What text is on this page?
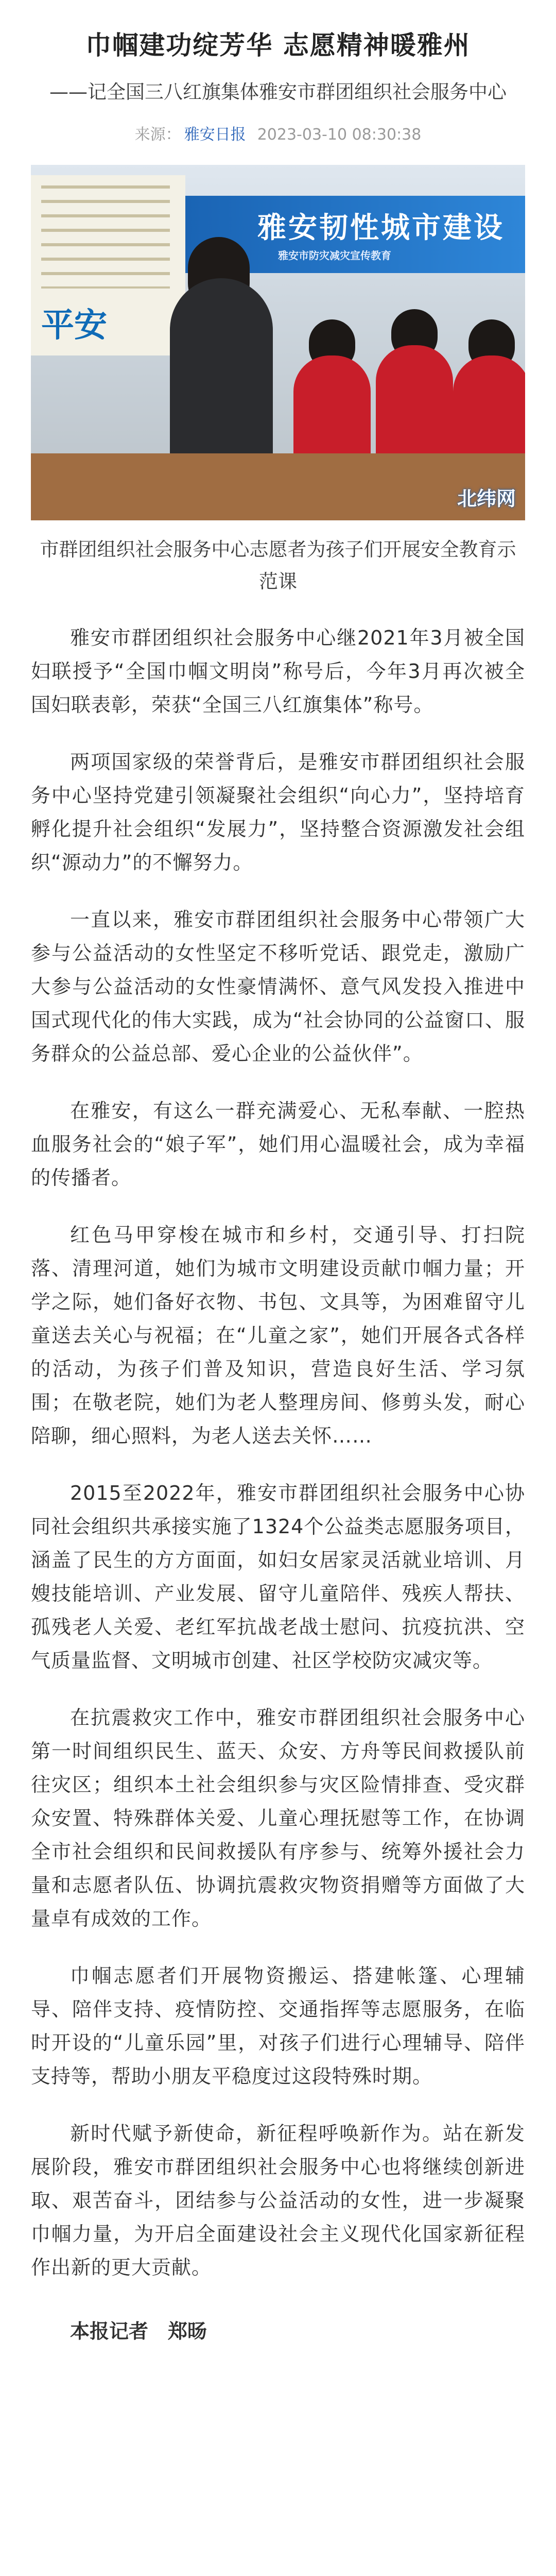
巾帼建功绽芳华 志愿精神暖雅州
——记全国三八红旗集体雅安市群团组织社会服务中心
来源： 雅安日报 2023-03-10 08:30:38
平安
雅安韧性城市建设
雅安市防灾减灾宣传教育
北纬网
市群团组织社会服务中心志愿者为孩子们开展安全教育示范课

雅安市群团组织社会服务中心继2021年3月被全国妇联授予“全国巾帼文明岗”称号后，今年3月再次被全国妇联表彰，荣获“全国三八红旗集体”称号。

两项国家级的荣誉背后，是雅安市群团组织社会服务中心坚持党建引领凝聚社会组织“向心力”，坚持培育孵化提升社会组织“发展力”，坚持整合资源激发社会组织“源动力”的不懈努力。

一直以来，雅安市群团组织社会服务中心带领广大参与公益活动的女性坚定不移听党话、跟党走，激励广大参与公益活动的女性豪情满怀、意气风发投入推进中国式现代化的伟大实践，成为“社会协同的公益窗口、服务群众的公益总部、爱心企业的公益伙伴”。

在雅安，有这么一群充满爱心、无私奉献、一腔热血服务社会的“娘子军”，她们用心温暖社会，成为幸福的传播者。

红色马甲穿梭在城市和乡村，交通引导、打扫院落、清理河道，她们为城市文明建设贡献巾帼力量；开学之际，她们备好衣物、书包、文具等，为困难留守儿童送去关心与祝福；在“儿童之家”，她们开展各式各样的活动，为孩子们普及知识，营造良好生活、学习氛围；在敬老院，她们为老人整理房间、修剪头发，耐心陪聊，细心照料，为老人送去关怀……

2015至2022年，雅安市群团组织社会服务中心协同社会组织共承接实施了1324个公益类志愿服务项目，涵盖了民生的方方面面，如妇女居家灵活就业培训、月嫂技能培训、产业发展、留守儿童陪伴、残疾人帮扶、孤残老人关爱、老红军抗战老战士慰问、抗疫抗洪、空气质量监督、文明城市创建、社区学校防灾减灾等。

在抗震救灾工作中，雅安市群团组织社会服务中心第一时间组织民生、蓝天、众安、方舟等民间救援队前往灾区；组织本土社会组织参与灾区险情排查、受灾群众安置、特殊群体关爱、儿童心理抚慰等工作，在协调全市社会组织和民间救援队有序参与、统筹外援社会力量和志愿者队伍、协调抗震救灾物资捐赠等方面做了大量卓有成效的工作。

巾帼志愿者们开展物资搬运、搭建帐篷、心理辅导、陪伴支持、疫情防控、交通指挥等志愿服务，在临时开设的“儿童乐园”里，对孩子们进行心理辅导、陪伴支持等，帮助小朋友平稳度过这段特殊时期。

新时代赋予新使命，新征程呼唤新作为。站在新发展阶段，雅安市群团组织社会服务中心也将继续创新进取、艰苦奋斗，团结参与公益活动的女性，进一步凝聚巾帼力量，为开启全面建设社会主义现代化国家新征程作出新的更大贡献。

本报记者　郑旸
